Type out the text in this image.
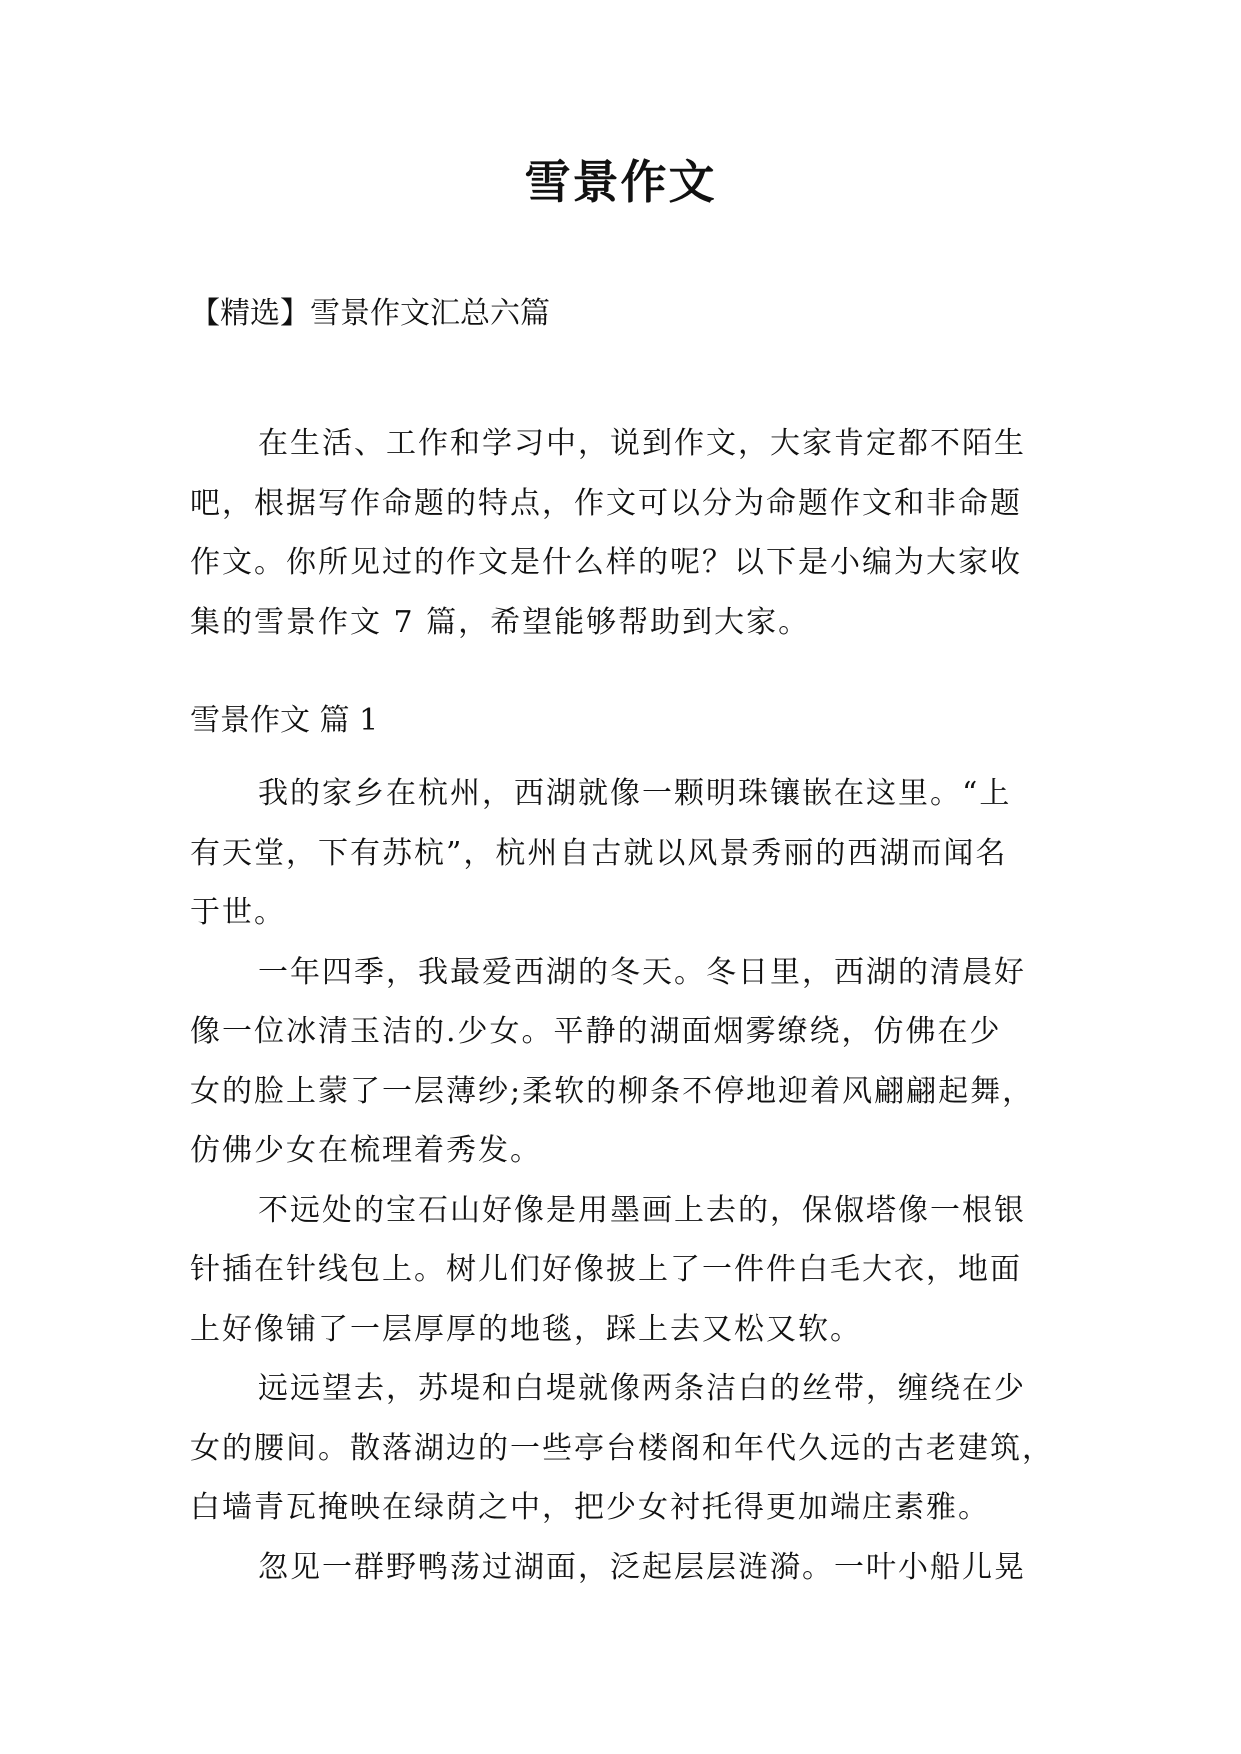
雪景作文

【精选】雪景作文汇总六篇

在生活、工作和学习中，说到作文，大家肯定都不陌生
吧，根据写作命题的特点，作文可以分为命题作文和非命题
作文。你所见过的作文是什么样的呢？以下是小编为大家收
集的雪景作文 7 篇，希望能够帮助到大家。

雪景作文 篇 1

我的家乡在杭州，西湖就像一颗明珠镶嵌在这里。“上
有天堂，下有苏杭”，杭州自古就以风景秀丽的西湖而闻名
于世。
一年四季，我最爱西湖的冬天。冬日里，西湖的清晨好
像一位冰清玉洁的.少女。平静的湖面烟雾缭绕，仿佛在少
女的脸上蒙了一层薄纱;柔软的柳条不停地迎着风翩翩起舞，
仿佛少女在梳理着秀发。
不远处的宝石山好像是用墨画上去的，保俶塔像一根银
针插在针线包上。树儿们好像披上了一件件白毛大衣，地面
上好像铺了一层厚厚的地毯，踩上去又松又软。
远远望去，苏堤和白堤就像两条洁白的丝带，缠绕在少
女的腰间。散落湖边的一些亭台楼阁和年代久远的古老建筑，
白墙青瓦掩映在绿荫之中，把少女衬托得更加端庄素雅。
忽见一群野鸭荡过湖面，泛起层层涟漪。一叶小船儿晃
